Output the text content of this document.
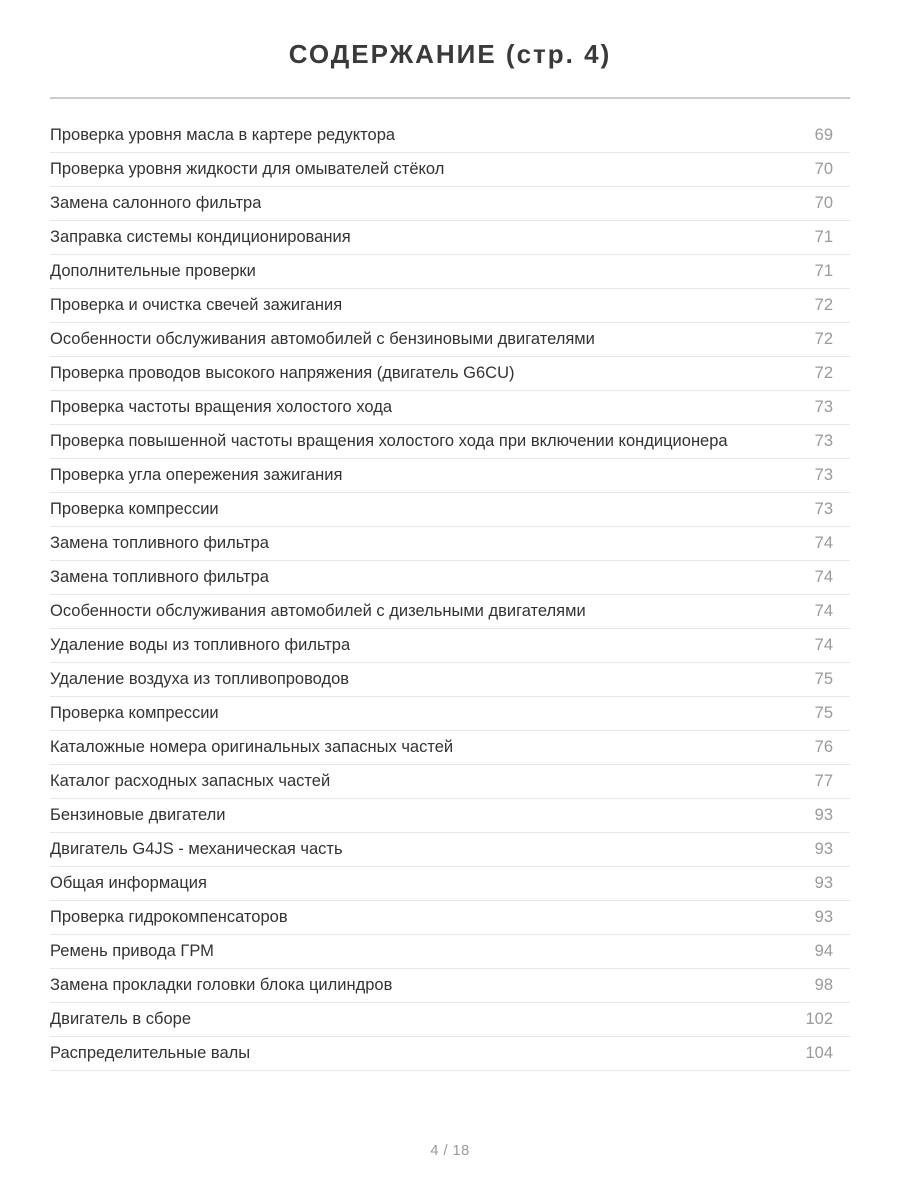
СОДЕРЖАНИЕ (стр. 4)
Проверка уровня масла в картере редуктора	69
Проверка уровня жидкости для омывателей стёкол	70
Замена салонного фильтра	70
Заправка системы кондиционирования	71
Дополнительные проверки	71
Проверка и очистка свечей зажигания	72
Особенности обслуживания автомобилей с бензиновыми двигателями	72
Проверка проводов высокого напряжения (двигатель G6CU)	72
Проверка частоты вращения холостого хода	73
Проверка повышенной частоты вращения холостого хода при включении кондиционера	73
Проверка угла опережения зажигания	73
Проверка компрессии	73
Замена топливного фильтра	74
Замена топливного фильтра	74
Особенности обслуживания автомобилей с дизельными двигателями	74
Удаление воды из топливного фильтра	74
Удаление воздуха из топливопроводов	75
Проверка компрессии	75
Каталожные номера оригинальных запасных частей	76
Каталог расходных запасных частей	77
Бензиновые двигатели	93
Двигатель G4JS - механическая часть	93
Общая информация	93
Проверка гидрокомпенсаторов	93
Ремень привода ГРМ	94
Замена прокладки головки блока цилиндров	98
Двигатель в сборе	102
Распределительные валы	104
4 / 18
